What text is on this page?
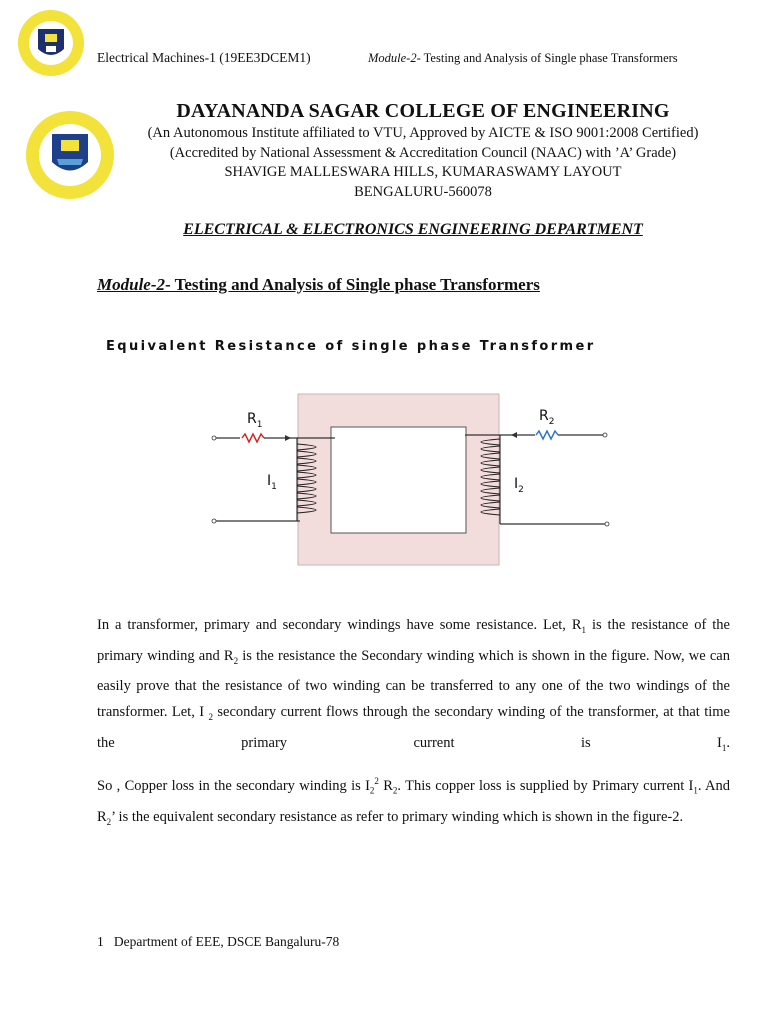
Electrical Machines-1 (19EE3DCEM1)	Module-2- Testing and Analysis of Single phase Transformers
DAYANANDA SAGAR COLLEGE OF ENGINEERING
(An Autonomous Institute affiliated to VTU, Approved by AICTE & ISO 9001:2008 Certified)
(Accredited by National Assessment & Accreditation Council (NAAC) with ’A’ Grade)
SHAVIGE MALLESWARA HILLS, KUMARASWAMY LAYOUT
BENGALURU-560078
ELECTRICAL & ELECTRONICS ENGINEERING DEPARTMENT
Module-2- Testing and Analysis of Single phase Transformers
Equivalent Resistance of single phase Transformer
$R_1$
$R_2$
$I_1$	$I_2$
In a transformer, primary and secondary windings have some resistance. Let, $R_1$ is the resistance of the primary winding and $R_2$ is the resistance the Secondary winding which is shown in the figure. Now, we can easily prove that the resistance of two winding can be transferred to any one of the two windings of the transformer. Let, I $_2$ secondary current flows through the secondary winding of the transformer, at that time the primary current is $I_1$.
So , Copper loss in the secondary winding is $I_2^2$ $R_2$. This copper loss is supplied by Primary current $I_1$. And $R_2$’ is the equivalent secondary resistance as refer to primary winding which is shown in the figure-2.
1 Department of EEE, DSCE Bangaluru-78
